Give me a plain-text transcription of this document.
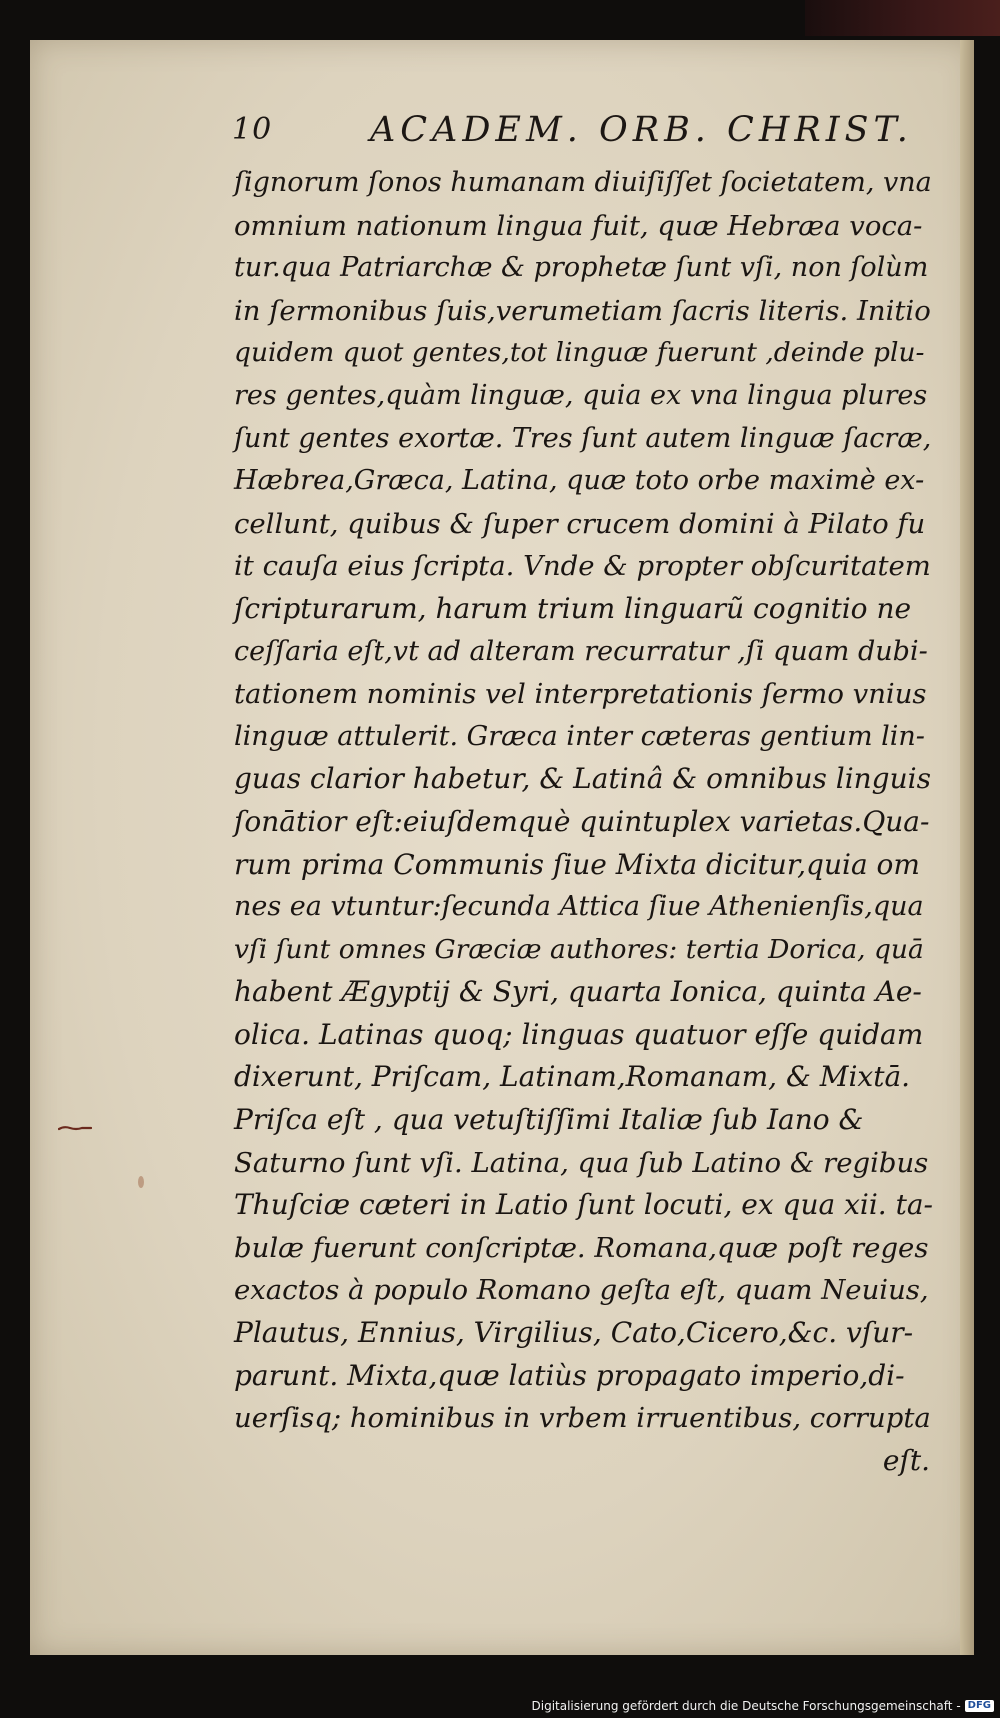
10	ACADEM. ORB. CHRIST.
ſignorum ſonos humanam diuiſiſſet ſocietatem, vna
omnium nationum lingua fuit, quæ Hebræa voca-
tur.qua Patriarchæ & prophetæ ſunt vſi, non ſolùm
in ſermonibus ſuis,verumetiam ſacris literis. Initio
quidem quot gentes,tot linguæ fuerunt ,deinde plu-
res gentes,quàm linguæ, quia ex vna lingua plures
ſunt gentes exortæ. Tres ſunt autem linguæ ſacræ,
Hæbrea,Græca, Latina, quæ toto orbe maximè ex-
cellunt, quibus & ſuper crucem domini à Pilato fu
it cauſa eius ſcripta. Vnde & propter obſcuritatem
ſcripturarum, harum trium linguarũ cognitio ne
ceſſaria eſt,vt ad alteram recurratur ,ſi quam dubi-
tationem nominis vel interpretationis ſermo vnius
linguæ attulerit. Græca inter cæteras gentium lin-
guas clarior habetur, & Latinâ & omnibus linguis
ſonātior eſt:eiuſdemquè quintuplex varietas.Qua-
rum prima Communis ſiue Mixta dicitur,quia om
nes ea vtuntur:ſecunda Attica ſiue Athenienſis,qua
vſi ſunt omnes Græciæ authores: tertia Dorica, quā
habent Ægyptij & Syri, quarta Ionica, quinta Ae-
olica. Latinas quoq; linguas quatuor eſſe quidam
dixerunt, Priſcam, Latinam,Romanam, & Mixtā.
Priſca eſt , qua vetuſtiſſimi Italiæ ſub Iano &
Saturno ſunt vſi. Latina, qua ſub Latino & regibus
Thuſciæ cæteri in Latio ſunt locuti, ex qua xii. ta-
bulæ fuerunt conſcriptæ. Romana,quæ poſt reges
exactos à populo Romano geſta eſt, quam Neuius,
Plautus, Ennius, Virgilius, Cato,Cicero,&c. vſur-
parunt. Mixta,quæ latiùs propagato imperio,di-
uerſisq; hominibus in vrbem irruentibus, corrupta
eſt.
Digitalisierung gefördert durch die Deutsche Forschungsgemeinschaft - DFG
